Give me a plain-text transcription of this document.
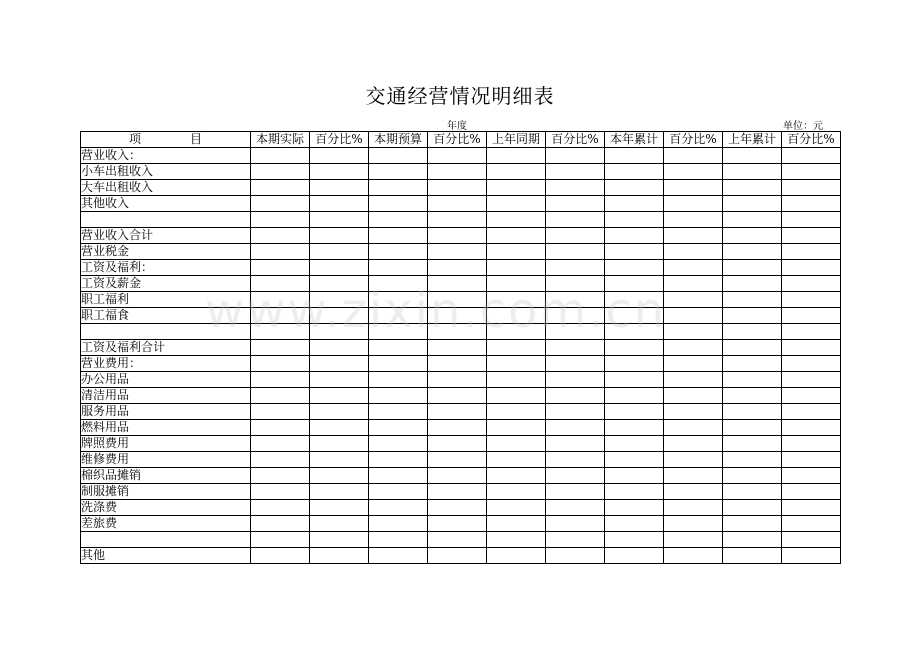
交通经营情况明细表
年度	单位：元
项 目	本期实际	百分比%	本期预算	百分比%	上年同期	百分比%	本年累计	百分比%	上年累计	百分比%
营业收入：										
小车出租收入										
大车出租收入										
其他收入										

营业收入合计										
营业税金										
工资及福利：										
工资及薪金										
职工福利										
职工福食										

工资及福利合计										
营业费用：										
办公用品										
清洁用品										
服务用品										
燃料用品										
牌照费用										
维修费用										
棉织品摊销										
制服摊销										
洗涤费										
差旅费										

其他										
www.zixin.com.cn
